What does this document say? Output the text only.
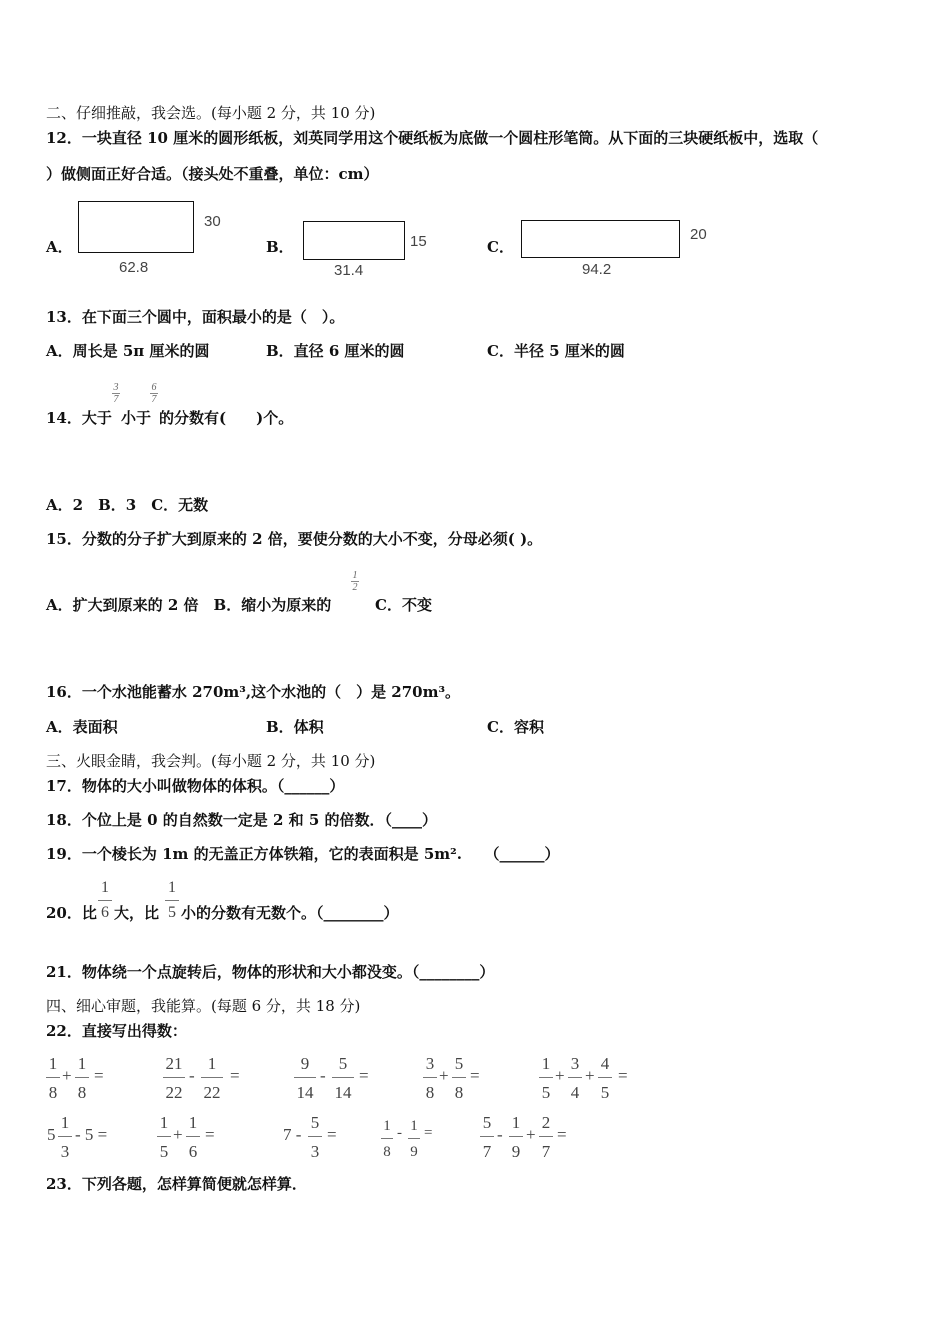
二、仔细推敲，我会选。(每小题 2 分，共 10 分)
12．一块直径 10 厘米的圆形纸板，刘英同学用这个硬纸板为底做一个圆柱形笔筒。从下面的三块硬纸板中，选取（
）做侧面正好合适。（接头处不重叠，单位：cm）
A．
30
62.8
B．	15
31.4
C．
20
94.2
13．在下面三个圆中，面积最小的是（　）。
A．周长是 5π 厘米的圆	B．直径 6 厘米的圆	C．半径 5 厘米的圆
14．大于
3
7
小于
6
7
的分数有(　　)个。
A．2　B．3　C．无数
15．分数的分子扩大到原来的 2 倍，要使分数的大小不变，分母必须( )。
A．扩大到原来的 2 倍　B．缩小为原来的
1
2
C．不变
16．一个水池能蓄水 270m³,这个水池的（　）是 270m³。
A．表面积	B．体积	C．容积
三、火眼金睛，我会判。(每小题 2 分，共 10 分)
17．物体的大小叫做物体的体积。（______）
18．个位上是 0 的自然数一定是 2 和 5 的倍数．（____）
19．一个棱长为 1m 的无盖正方体铁箱，它的表面积是 5m².　　（______）
20．比
1
6 大，比
1
5 小的分数有无数个。（________）
21．物体绕一个点旋转后，物体的形状和大小都没变。（________）
四、细心审题，我能算。(每题 6 分，共 18 分)
22．直接写出得数：
1
8
+
1
8
=
21
22
-
1
22
=
9
14
-
5
14
=
3
8
+
5
8
=
1
5
+
3
4
+
4
5
=
5
1
3
- 5 =
1
5
+
1
6
=	7 -
5
3
=	1
8
- 1
9
=
5
7
-
1
9
+
2
7
=
23．下列各题，怎样算简便就怎样算．
